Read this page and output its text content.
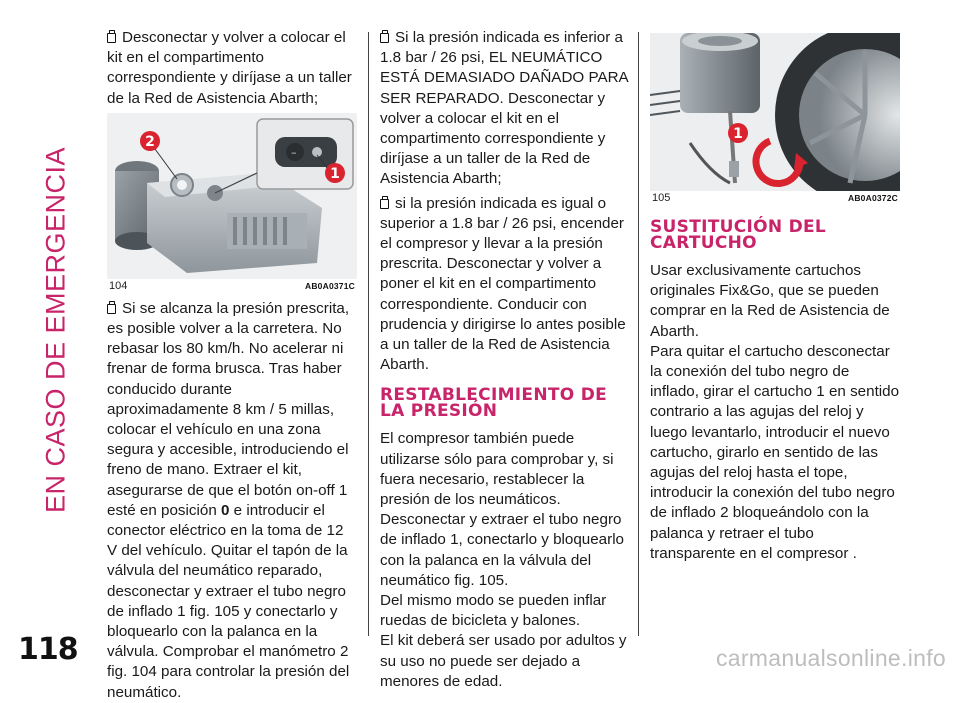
EN CASO DE EMERGENCIA
118

Desconectar y volver a colocar el kit en el compartimento correspondiente y diríjase a un taller de la Red de Asistencia Abarth;

–
2
1
104	AB0A0371C

Si se alcanza la presión prescrita, es posible volver a la carretera. No rebasar los 80 km/h. No acelerar ni frenar de forma brusca. Tras haber conducido durante aproximadamente 8 km / 5 millas, colocar el vehículo en una zona segura y accesible, introduciendo el freno de mano. Extraer el kit, asegurarse de que el botón on-off 1 esté en posición 0 e introducir el conector eléctrico en la toma de 12 V del vehículo. Quitar el tapón de la válvula del neumático reparado, desconectar y extraer el tubo negro de inflado 1 fig. 105 y conectarlo y bloquearlo con la palanca en la válvula. Comprobar el manómetro 2 fig. 104 para controlar la presión del neumático.

Si la presión indicada es inferior a 1.8 bar / 26 psi, EL NEUMÁTICO ESTÁ DEMASIADO DAÑADO PARA SER REPARADO. Desconectar y volver a colocar el kit en el compartimento correspondiente y diríjase a un taller de la Red de Asistencia Abarth;

si la presión indicada es igual o superior a 1.8 bar / 26 psi, encender el compresor y llevar a la presión prescrita. Desconectar y volver a poner el kit en el compartimento correspondiente. Conducir con prudencia y dirigirse lo antes posible a un taller de la Red de Asistencia Abarth.

RESTABLECIMIENTO DE LA PRESIÓN

El compresor también puede utilizarse sólo para comprobar y, si fuera necesario, restablecer la presión de los neumáticos.

Desconectar y extraer el tubo negro de inflado 1, conectarlo y bloquearlo con la palanca en la válvula del neumático fig. 105.

Del mismo modo se pueden inflar ruedas de bicicleta y balones.

El kit deberá ser usado por adultos y su uso no puede ser dejado a menores de edad.

1
105	AB0A0372C
SUSTITUCIÓN DEL CARTUCHO

Usar exclusivamente cartuchos originales Fix&Go, que se pueden comprar en la Red de Asistencia de Abarth.

Para quitar el cartucho desconectar la conexión del tubo negro de inflado, girar el cartucho 1 en sentido contrario a las agujas del reloj y luego levantarlo, introducir el nuevo cartucho, girarlo en sentido de las agujas del reloj hasta el tope, introducir la conexión del tubo negro de inflado 2 bloqueándolo con la palanca y retraer el tubo transparente en el compresor .

carmanualsonline.info
